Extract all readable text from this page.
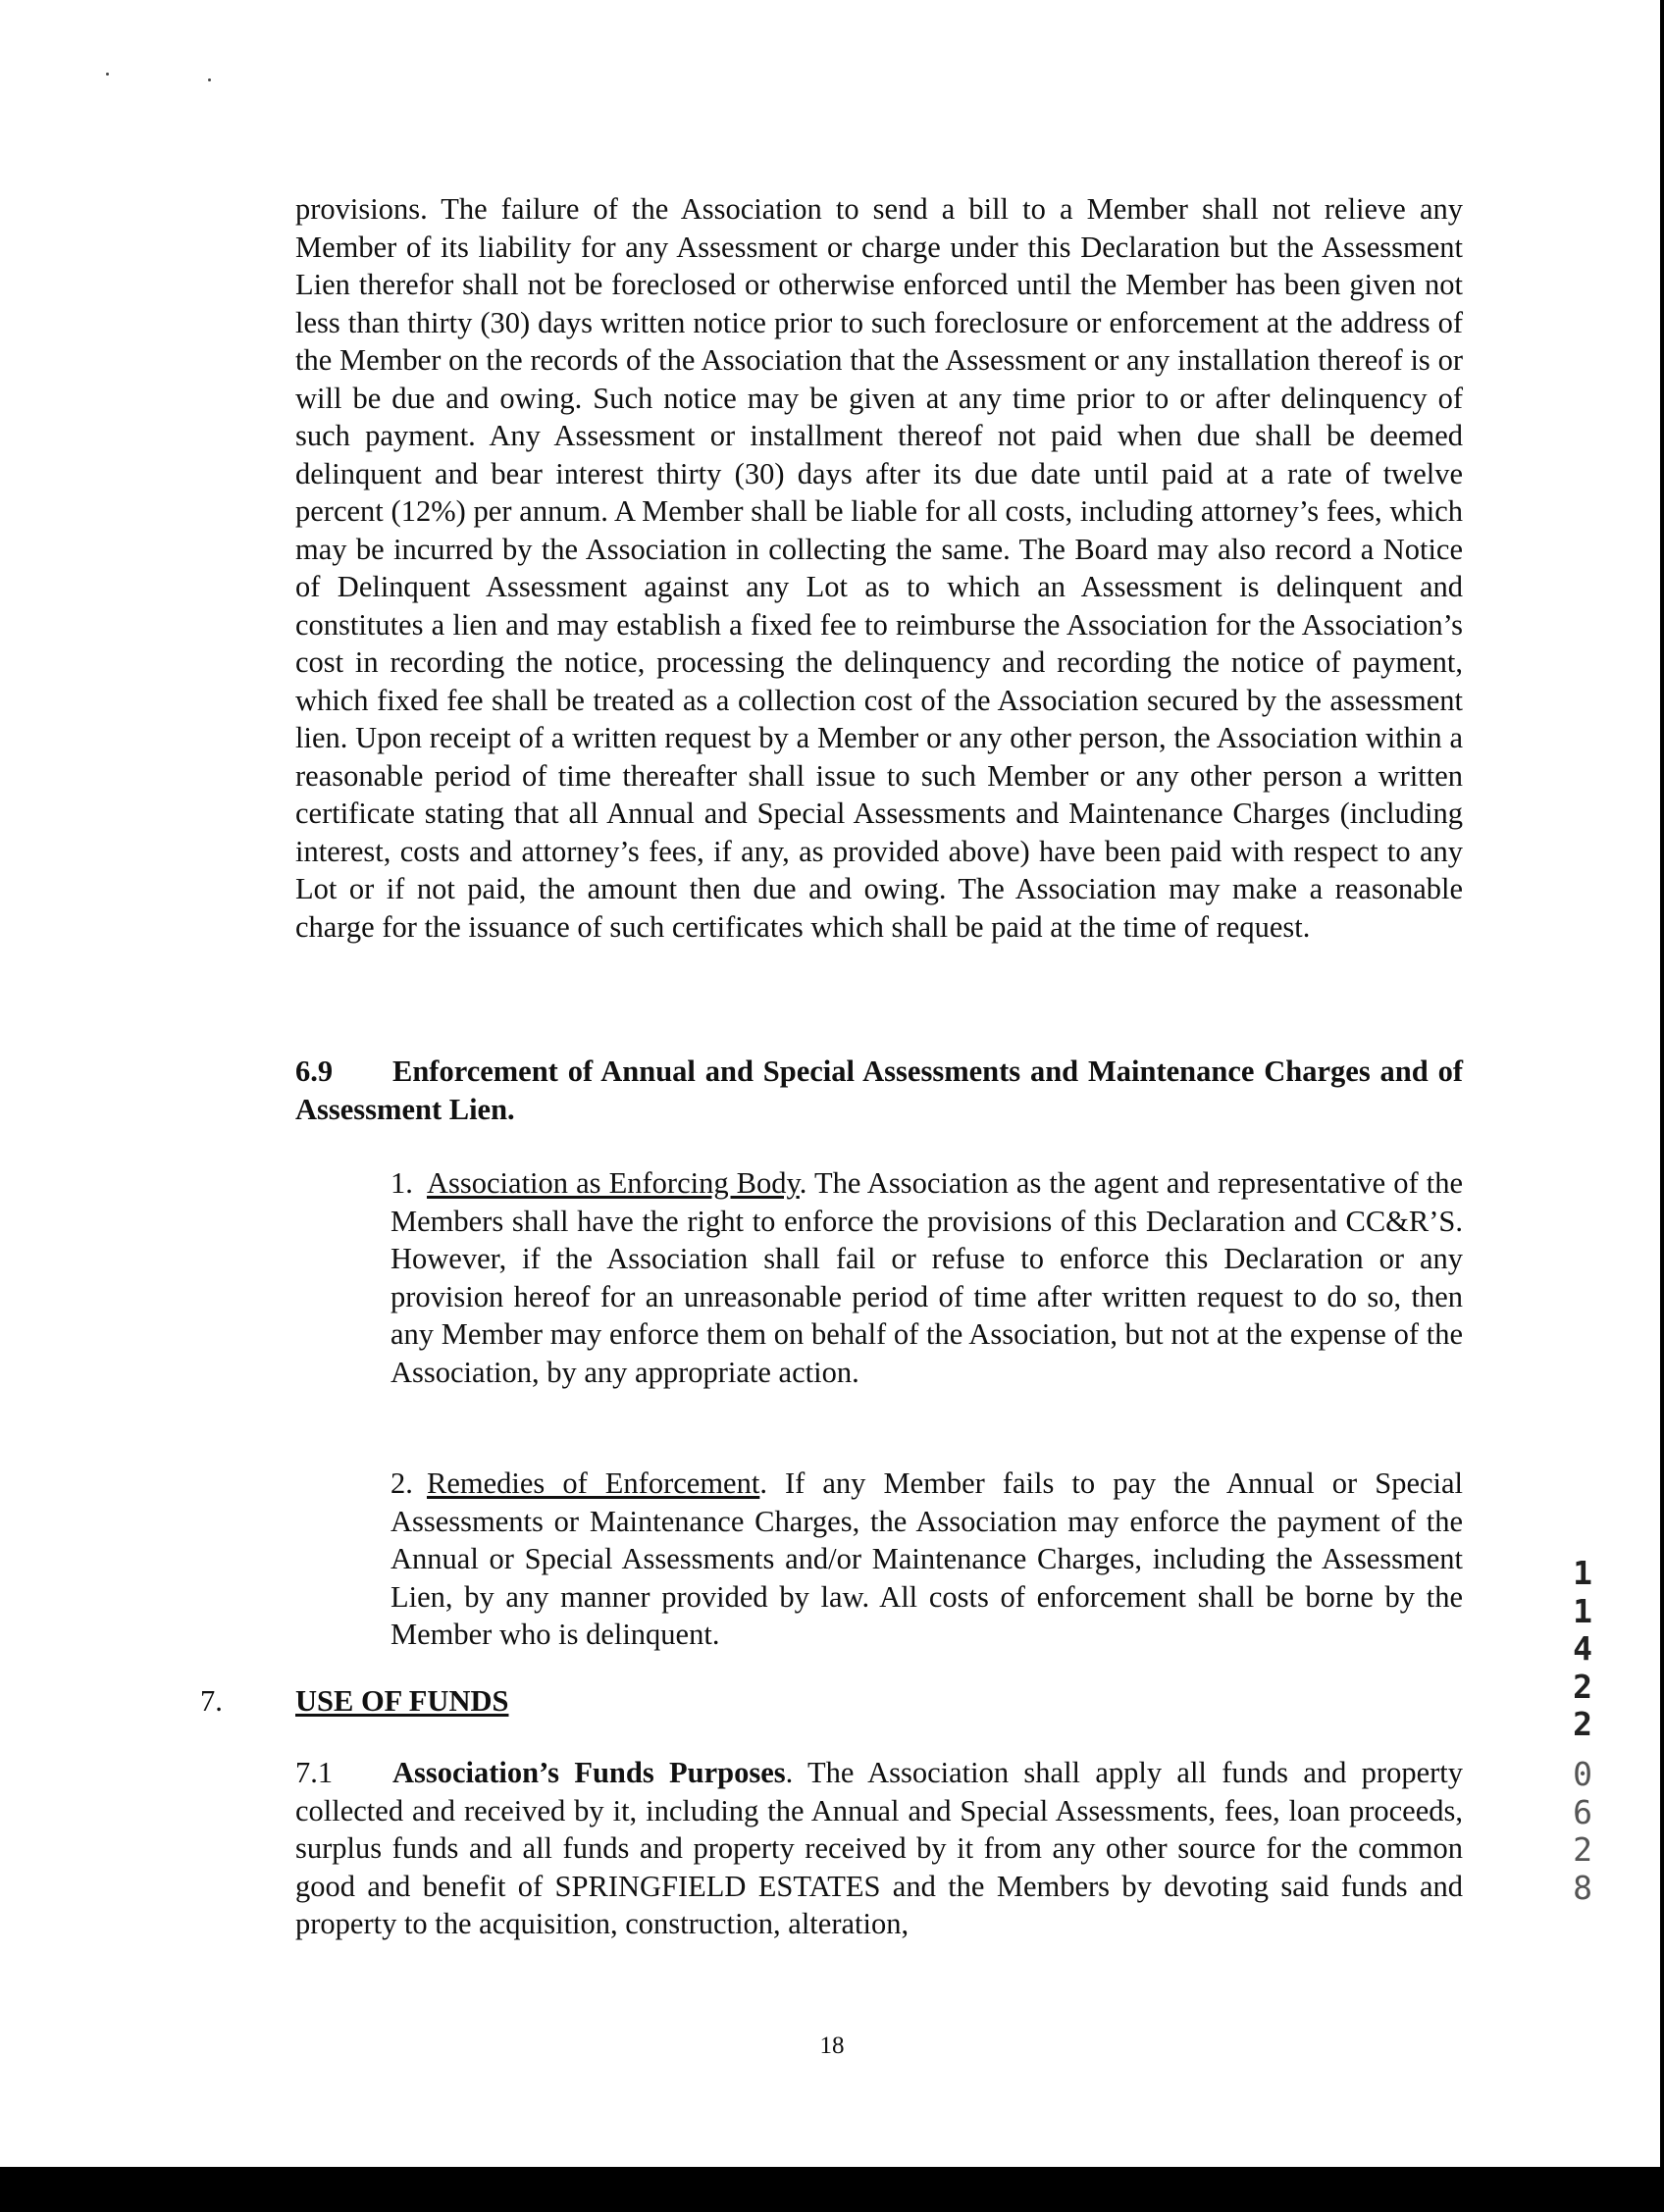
provisions. The failure of the Association to send a bill to a Member shall not relieve any Member of its liability for any Assessment or charge under this Declaration but the Assessment Lien therefor shall not be foreclosed or otherwise enforced until the Member has been given not less than thirty (30) days written notice prior to such foreclosure or enforcement at the address of the Member on the records of the Association that the Assessment or any installation thereof is or will be due and owing. Such notice may be given at any time prior to or after delinquency of such payment. Any Assessment or installment thereof not paid when due shall be deemed delinquent and bear interest thirty (30) days after its due date until paid at a rate of twelve percent (12%) per annum. A Member shall be liable for all costs, including attorney’s fees, which may be incurred by the Association in collecting the same. The Board may also record a Notice of Delinquent Assessment against any Lot as to which an Assessment is delinquent and constitutes a lien and may establish a fixed fee to reimburse the Association for the Association’s cost in recording the notice, processing the delinquency and recording the notice of payment, which fixed fee shall be treated as a collection cost of the Association secured by the assessment lien. Upon receipt of a written request by a Member or any other person, the Association within a reasonable period of time thereafter shall issue to such Member or any other person a written certificate stating that all Annual and Special Assessments and Maintenance Charges (including interest, costs and attorney’s fees, if any, as provided above) have been paid with respect to any Lot or if not paid, the amount then due and owing. The Association may make a reasonable charge for the issuance of such certificates which shall be paid at the time of request.

6.9 Enforcement of Annual and Special Assessments and Maintenance Charges and of Assessment Lien.

1. Association as Enforcing Body. The Association as the agent and representative of the Members shall have the right to enforce the provisions of this Declaration and CC&R’S. However, if the Association shall fail or refuse to enforce this Declaration or any provision hereof for an unreasonable period of time after written request to do so, then any Member may enforce them on behalf of the Association, but not at the expense of the Association, by any appropriate action.

2. Remedies of Enforcement. If any Member fails to pay the Annual or Special Assessments or Maintenance Charges, the Association may enforce the payment of the Annual or Special Assessments and/or Maintenance Charges, including the Assessment Lien, by any manner provided by law. All costs of enforcement shall be borne by the Member who is delinquent.

7. USE OF FUNDS

7.1 Association’s Funds Purposes. The Association shall apply all funds and property collected and received by it, including the Annual and Special Assessments, fees, loan proceeds, surplus funds and all funds and property received by it from any other source for the common good and benefit of SPRINGFIELD ESTATES and the Members by devoting said funds and property to the acquisition, construction, alteration,

18
1
1
4
2
2
0
6
2
8
